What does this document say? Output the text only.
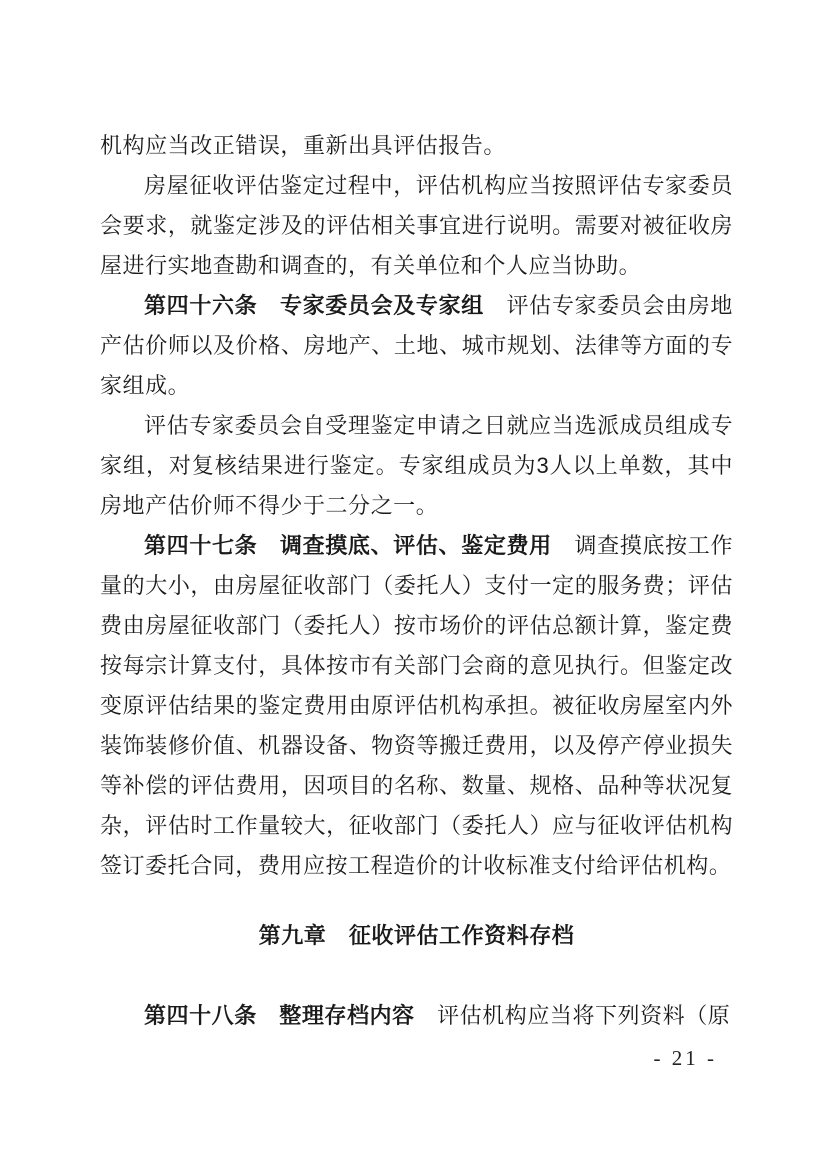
机构应当改正错误，重新出具评估报告。
房屋征收评估鉴定过程中，评估机构应当按照评估专家委员会要求，就鉴定涉及的评估相关事宜进行说明。需要对被征收房屋进行实地查勘和调查的，有关单位和个人应当协助。
第四十六条　专家委员会及专家组　评估专家委员会由房地产估价师以及价格、房地产、土地、城市规划、法律等方面的专家组成。
评估专家委员会自受理鉴定申请之日就应当选派成员组成专家组，对复核结果进行鉴定。专家组成员为3人以上单数，其中房地产估价师不得少于二分之一。
第四十七条　调查摸底、评估、鉴定费用　调查摸底按工作量的大小，由房屋征收部门（委托人）支付一定的服务费；评估费由房屋征收部门（委托人）按市场价的评估总额计算，鉴定费按每宗计算支付，具体按市有关部门会商的意见执行。但鉴定改变原评估结果的鉴定费用由原评估机构承担。被征收房屋室内外装饰装修价值、机器设备、物资等搬迁费用，以及停产停业损失等补偿的评估费用，因项目的名称、数量、规格、品种等状况复杂，评估时工作量较大，征收部门（委托人）应与征收评估机构签订委托合同，费用应按工程造价的计收标准支付给评估机构。
第九章　征收评估工作资料存档
第四十八条　整理存档内容　评估机构应当将下列资料（原
- 21 -
